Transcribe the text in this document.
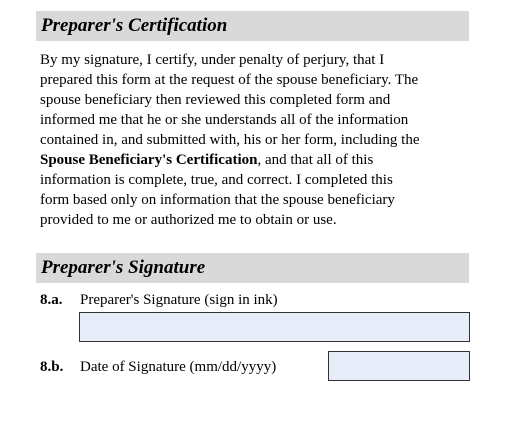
Preparer's Certification
By my signature, I certify, under penalty of perjury, that I
prepared this form at the request of the spouse beneficiary. The
spouse beneficiary then reviewed this completed form and
informed me that he or she understands all of the information
contained in, and submitted with, his or her form, including the
Spouse Beneficiary's Certification, and that all of this
information is complete, true, and correct. I completed this
form based only on information that the spouse beneficiary
provided to me or authorized me to obtain or use.
Preparer's Signature
8.a. Preparer's Signature (sign in ink)
8.b. Date of Signature (mm/dd/yyyy)
